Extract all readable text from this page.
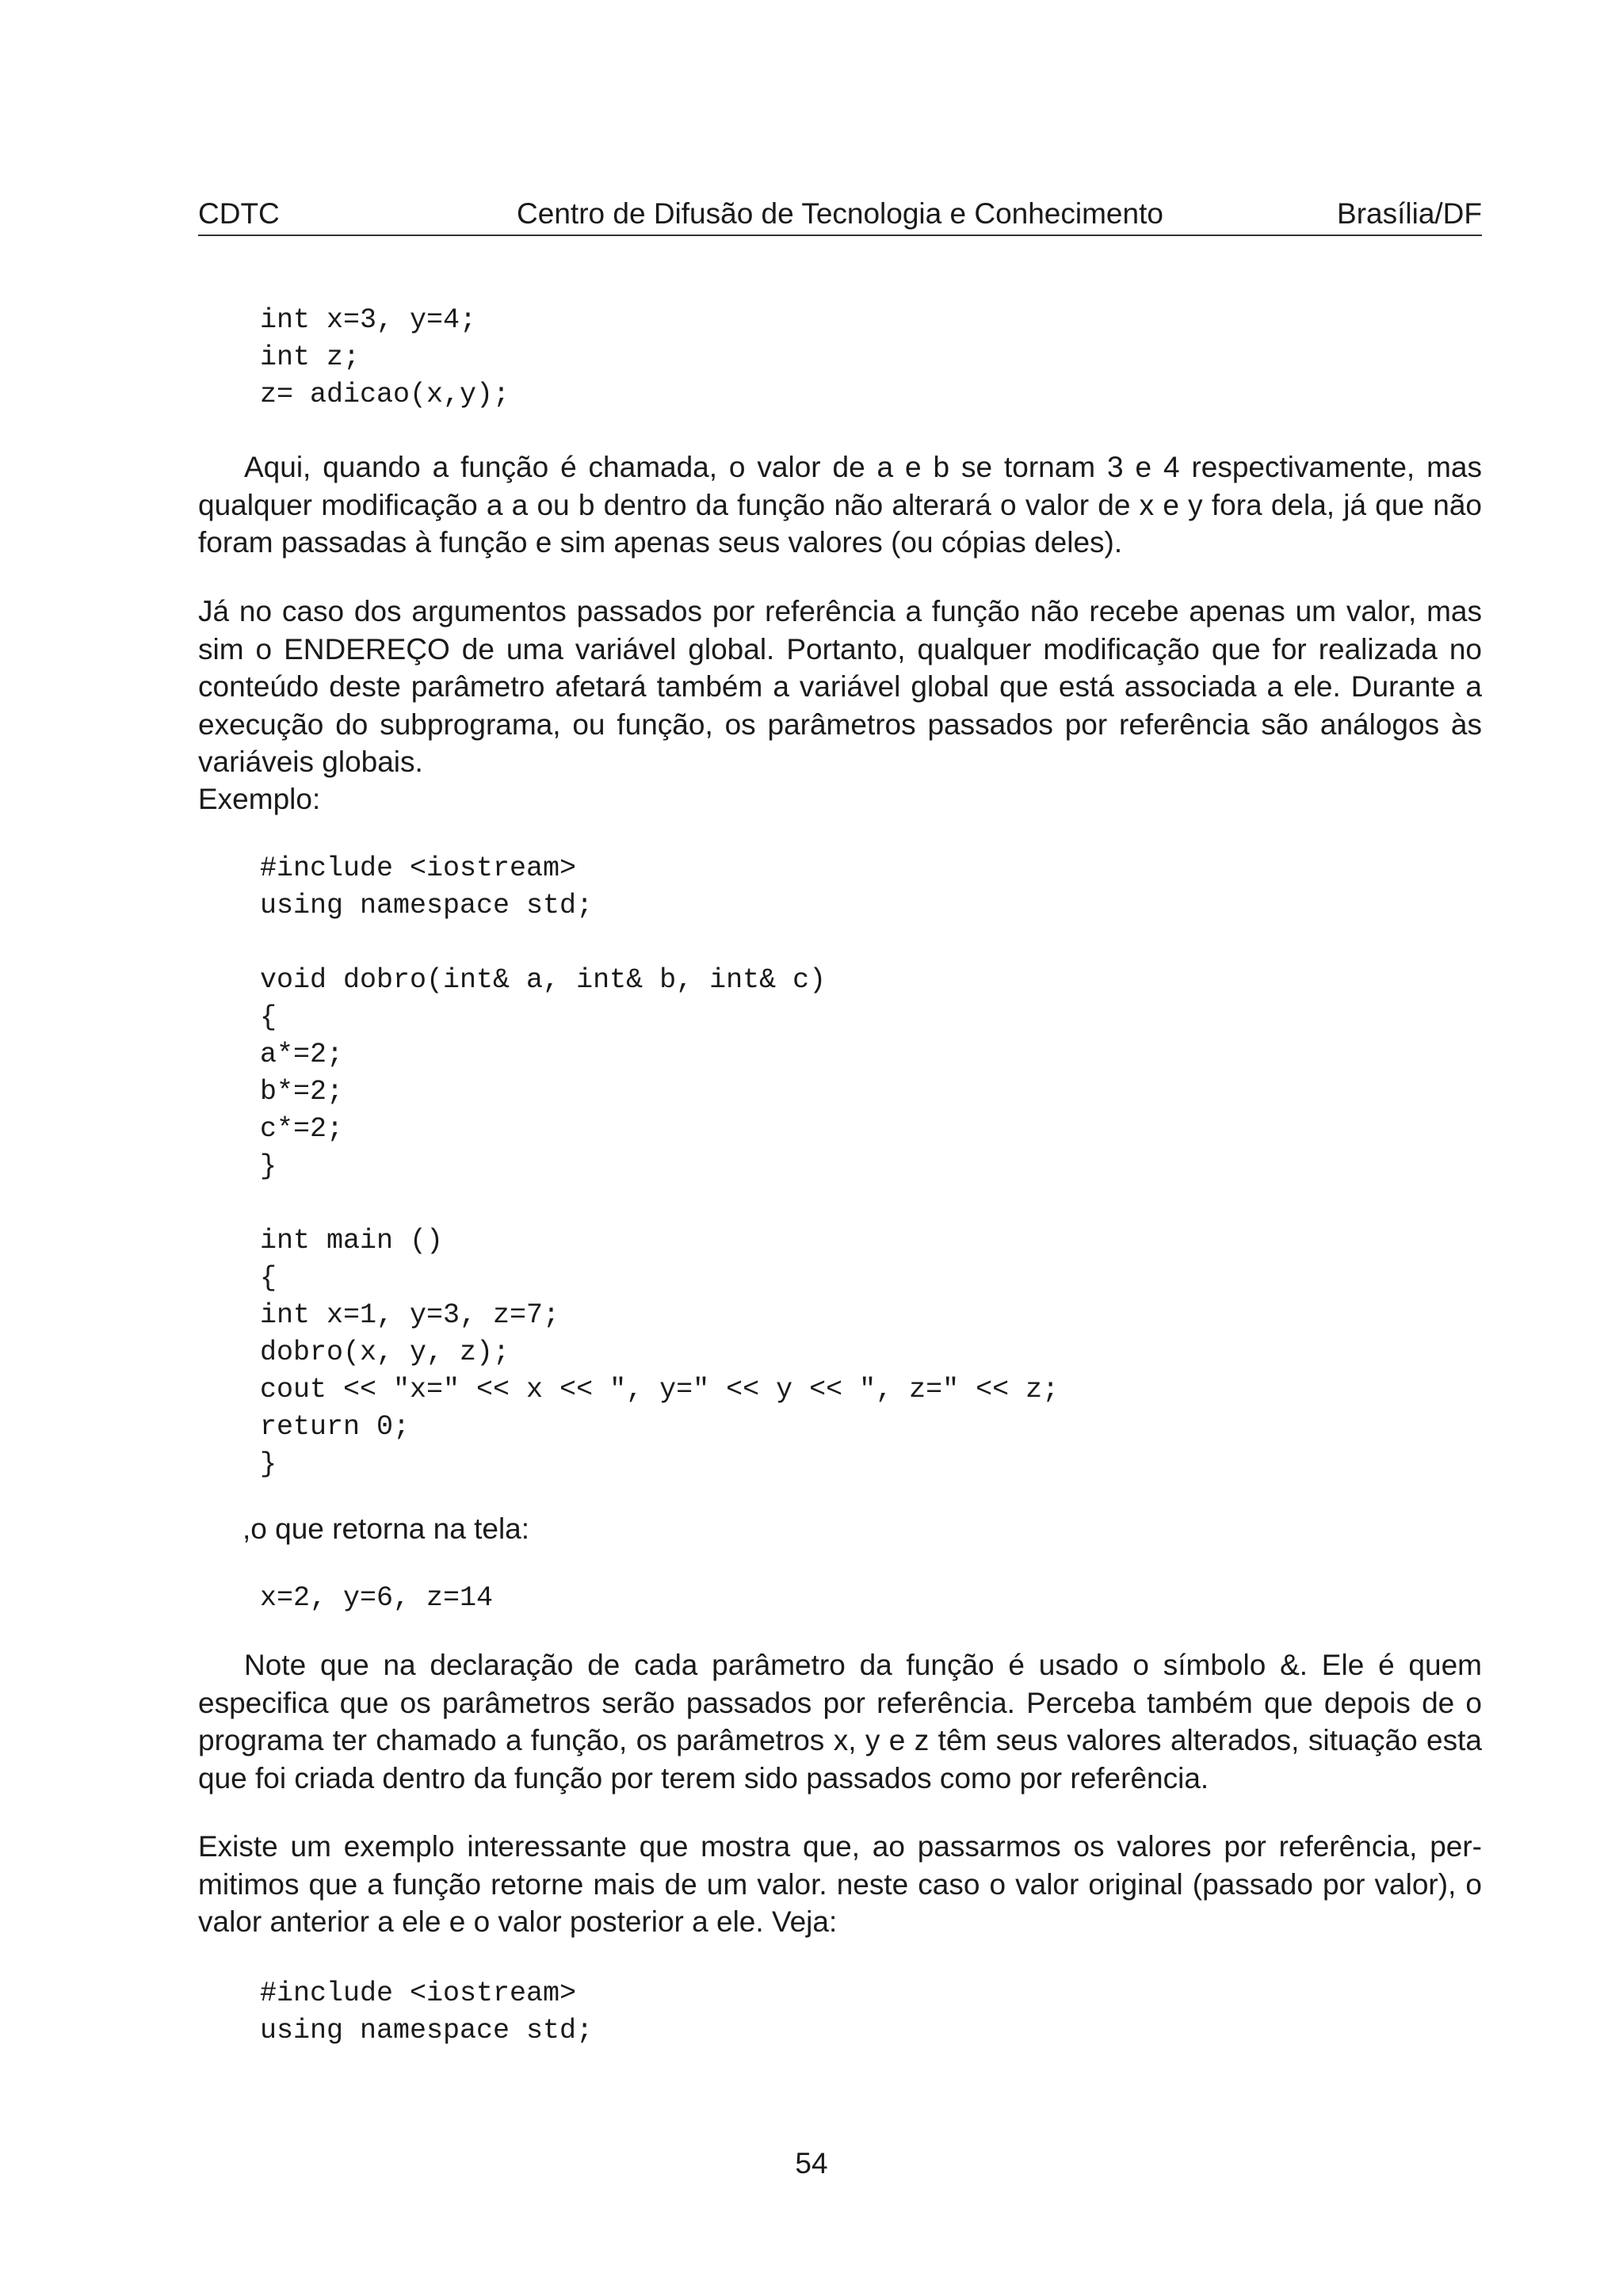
CDTC	Centro de Difusão de Tecnologia e Conhecimento	Brasília/DF
int x=3, y=4;
int z;
z= adicao(x,y);
Aqui, quando a função é chamada, o valor de a e b se tornam 3 e 4 respectivamente, mas
qualquer modificação a a ou b dentro da função não alterará o valor de x e y fora dela, já que não
foram passadas à função e sim apenas seus valores (ou cópias deles).
Já no caso dos argumentos passados por referência a função não recebe apenas um valor, mas
sim o ENDEREÇO de uma variável global. Portanto, qualquer modificação que for realizada no
conteúdo deste parâmetro afetará também a variável global que está associada a ele. Durante a
execução do subprograma, ou função, os parâmetros passados por referência são análogos às
variáveis globais.
Exemplo:
#include <iostream>
using namespace std;

void dobro(int& a, int& b, int& c)
{
a*=2;
b*=2;
c*=2;
}

int main ()
{
int x=1, y=3, z=7;
dobro(x, y, z);
cout << "x=" << x << ", y=" << y << ", z=" << z;
return 0;
}
,o que retorna na tela:
x=2, y=6, z=14
Note que na declaração de cada parâmetro da função é usado o símbolo &. Ele é quem
especifica que os parâmetros serão passados por referência. Perceba também que depois de o
programa ter chamado a função, os parâmetros x, y e z têm seus valores alterados, situação esta
que foi criada dentro da função por terem sido passados como por referência.
Existe um exemplo interessante que mostra que, ao passarmos os valores por referência, per-
mitimos que a função retorne mais de um valor. neste caso o valor original (passado por valor), o
valor anterior a ele e o valor posterior a ele. Veja:
#include <iostream>
using namespace std;
54
